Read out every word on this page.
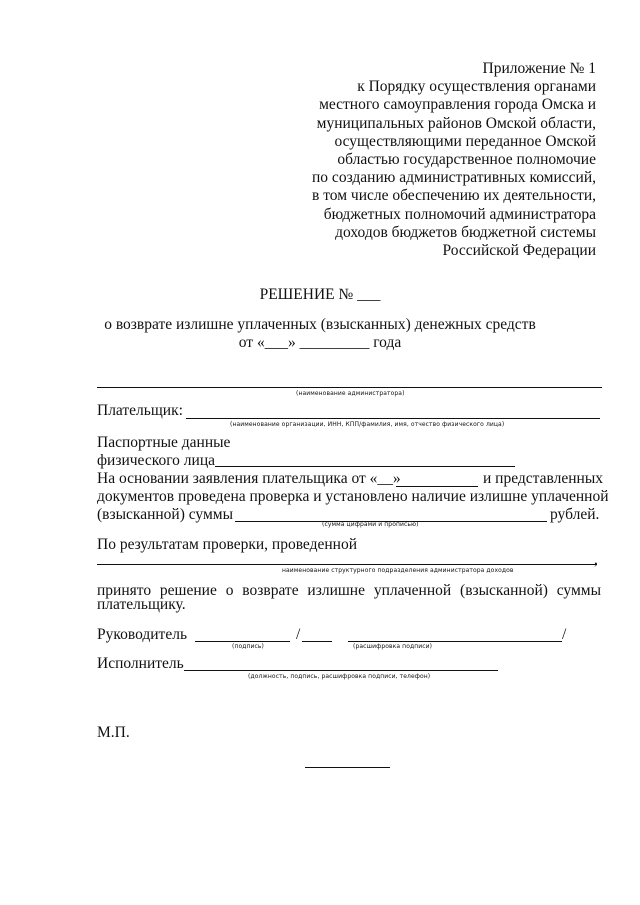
Приложение № 1
к Порядку осуществления органами
местного самоуправления города Омска и
муниципальных районов Омской области,
осуществляющими переданное Омской
областью государственное полномочие
по созданию административных комиссий,
в том числе обеспечению их деятельности,
бюджетных полномочий администратора
доходов бюджетов бюджетной системы
Российской Федерации
РЕШЕНИЕ № ___
о возврате излишне уплаченных (взысканных) денежных средств
от «___» _________ года
(наименование администратора)
Плательщик:
(наименование организации, ИНН, КПП/фамилия, имя, отчество физического лица)
Паспортные данные
физического лица
На основании заявления плательщика от «__»	и представленных
документов проведена проверка и установлено наличие излишне уплаченной
(взысканной) суммы	рублей.
(сумма цифрами и прописью)
По результатам проверки, проведенной
,
наименование структурного подразделения администратора доходов
принято решение о возврате излишне уплаченной (взысканной) суммы
плательщику.
Руководитель	/	/
(подпись)	(расшифровка подписи)
Исполнитель
(должность, подпись, расшифровка подписи, телефон)
М.П.
